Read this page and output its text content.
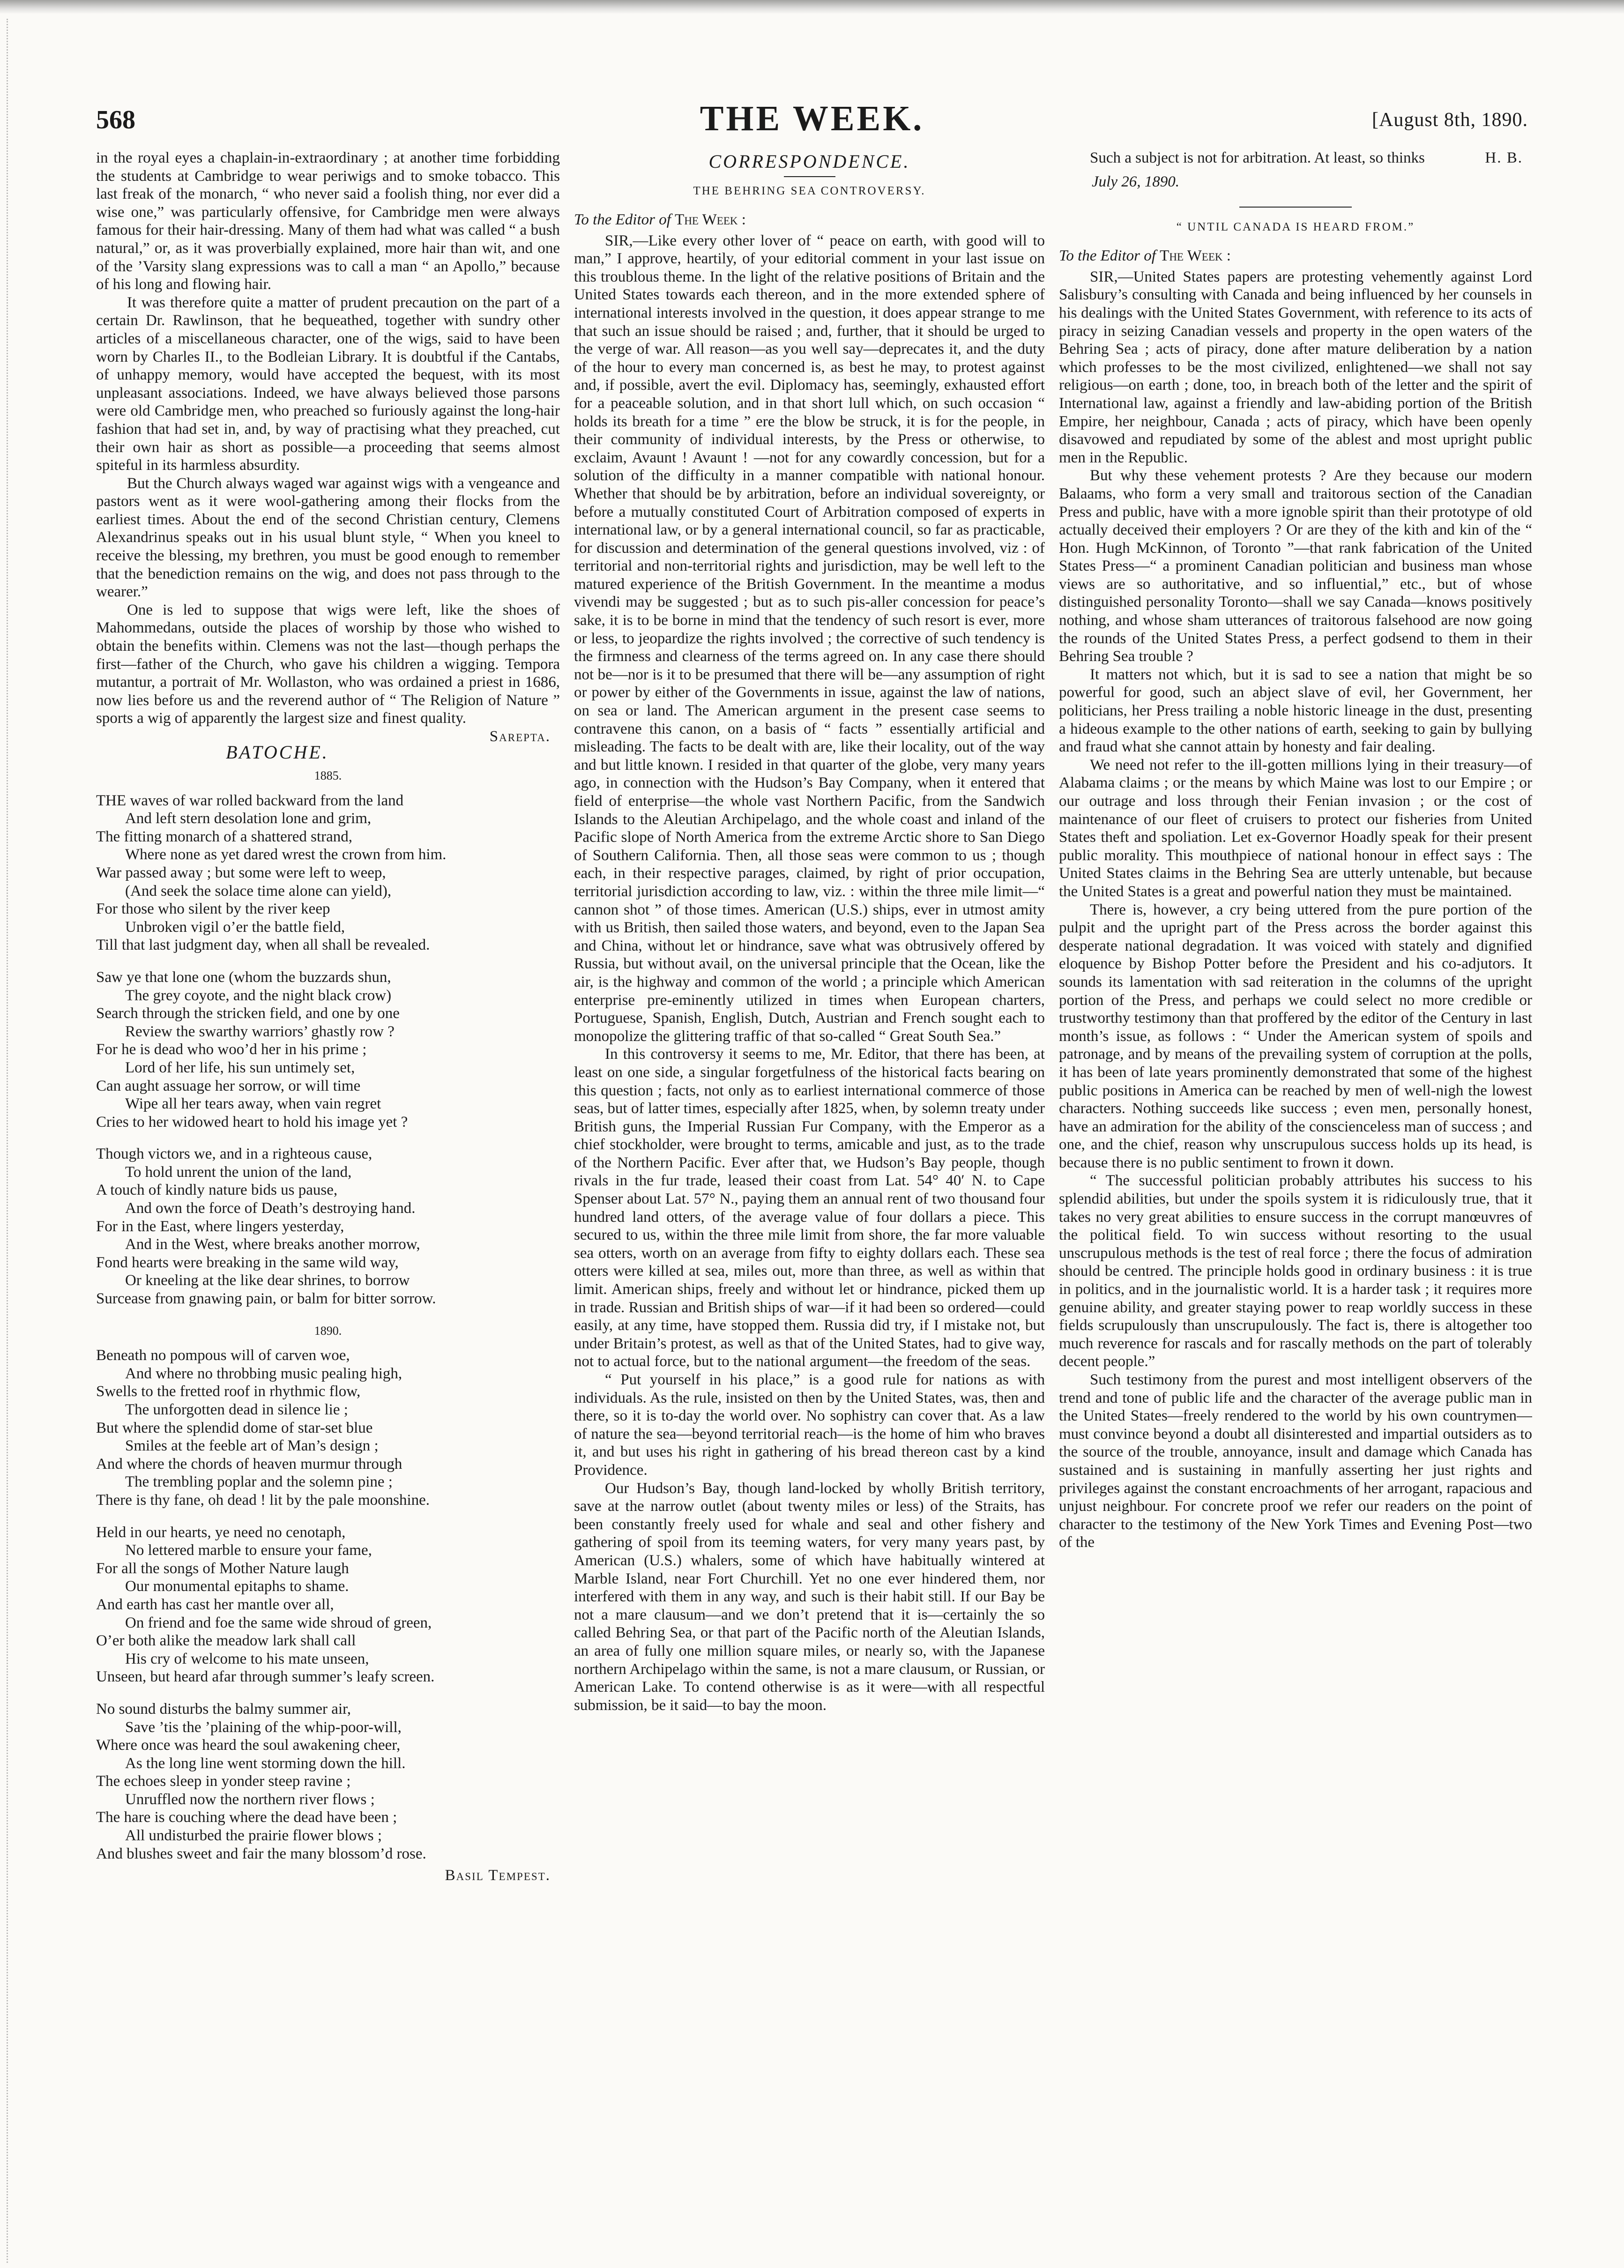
568	THE WEEK.	[August 8th, 1890.

in the royal eyes a chaplain-in-extraordinary ; at another time forbidding the students at Cambridge to wear periwigs and to smoke tobacco. This last freak of the monarch, “ who never said a foolish thing, nor ever did a wise one,” was particularly offensive, for Cambridge men were always famous for their hair-dressing. Many of them had what was called “ a bush natural,” or, as it was proverbially explained, more hair than wit, and one of the ’Varsity slang expressions was to call a man “ an Apollo,” because of his long and flowing hair.

It was therefore quite a matter of prudent precaution on the part of a certain Dr. Rawlinson, that he bequeathed, together with sundry other articles of a miscellaneous character, one of the wigs, said to have been worn by Charles II., to the Bodleian Library. It is doubtful if the Cantabs, of unhappy memory, would have accepted the bequest, with its most unpleasant associations. Indeed, we have always believed those parsons were old Cambridge men, who preached so furiously against the long-hair fashion that had set in, and, by way of practising what they preached, cut their own hair as short as possible—a proceeding that seems almost spiteful in its harmless absurdity.

But the Church always waged war against wigs with a vengeance and pastors went as it were wool-gathering among their flocks from the earliest times. About the end of the second Christian century, Clemens Alexandrinus speaks out in his usual blunt style, “ When you kneel to receive the blessing, my brethren, you must be good enough to remember that the benediction remains on the wig, and does not pass through to the wearer.”

One is led to suppose that wigs were left, like the shoes of Mahommedans, outside the places of worship by those who wished to obtain the benefits within. Clemens was not the last—though perhaps the first—father of the Church, who gave his children a wigging. Tempora mutantur, a portrait of Mr. Wollaston, who was ordained a priest in 1686, now lies before us and the reverend author of “ The Religion of Nature ” sports a wig of apparently the largest size and finest quality.
Sarepta.

BATOCHE.
1885.
THE waves of war rolled backward from the land
And left stern desolation lone and grim,
The fitting monarch of a shattered strand,
Where none as yet dared wrest the crown from him.
War passed away ; but some were left to weep,
(And seek the solace time alone can yield),
For those who silent by the river keep
Unbroken vigil o’er the battle field,
Till that last judgment day, when all shall be revealed.
Saw ye that lone one (whom the buzzards shun,
The grey coyote, and the night black crow)
Search through the stricken field, and one by one
Review the swarthy warriors’ ghastly row ?
For he is dead who woo’d her in his prime ;
Lord of her life, his sun untimely set,
Can aught assuage her sorrow, or will time
Wipe all her tears away, when vain regret
Cries to her widowed heart to hold his image yet ?
Though victors we, and in a righteous cause,
To hold unrent the union of the land,
A touch of kindly nature bids us pause,
And own the force of Death’s destroying hand.
For in the East, where lingers yesterday,
And in the West, where breaks another morrow,
Fond hearts were breaking in the same wild way,
Or kneeling at the like dear shrines, to borrow
Surcease from gnawing pain, or balm for bitter sorrow.
1890.
Beneath no pompous will of carven woe,
And where no throbbing music pealing high,
Swells to the fretted roof in rhythmic flow,
The unforgotten dead in silence lie ;
But where the splendid dome of star-set blue
Smiles at the feeble art of Man’s design ;
And where the chords of heaven murmur through
The trembling poplar and the solemn pine ;
There is thy fane, oh dead ! lit by the pale moonshine.
Held in our hearts, ye need no cenotaph,
No lettered marble to ensure your fame,
For all the songs of Mother Nature laugh
Our monumental epitaphs to shame.
And earth has cast her mantle over all,
On friend and foe the same wide shroud of green,
O’er both alike the meadow lark shall call
His cry of welcome to his mate unseen,
Unseen, but heard afar through summer’s leafy screen.
No sound disturbs the balmy summer air,
Save ’tis the ’plaining of the whip-poor-will,
Where once was heard the soul awakening cheer,
As the long line went storming down the hill.
The echoes sleep in yonder steep ravine ;
Unruffled now the northern river flows ;
The hare is couching where the dead have been ;
All undisturbed the prairie flower blows ;
And blushes sweet and fair the many blossom’d rose.
Basil Tempest.
CORRESPONDENCE.
THE BEHRING SEA CONTROVERSY.
To the Editor of The Week :

SIR,—Like every other lover of “ peace on earth, with good will to man,” I approve, heartily, of your editorial comment in your last issue on this troublous theme. In the light of the relative positions of Britain and the United States towards each thereon, and in the more extended sphere of international interests involved in the question, it does appear strange to me that such an issue should be raised ; and, further, that it should be urged to the verge of war. All reason—as you well say—deprecates it, and the duty of the hour to every man concerned is, as best he may, to protest against and, if possible, avert the evil. Diplomacy has, seemingly, exhausted effort for a peaceable solution, and in that short lull which, on such occasion “ holds its breath for a time ” ere the blow be struck, it is for the people, in their community of individual interests, by the Press or otherwise, to exclaim, Avaunt ! Avaunt ! —not for any cowardly concession, but for a solution of the difficulty in a manner compatible with national honour. Whether that should be by arbitration, before an individual sovereignty, or before a mutually constituted Court of Arbitration composed of experts in international law, or by a general international council, so far as practicable, for discussion and determination of the general questions involved, viz : of territorial and non-territorial rights and jurisdiction, may be well left to the matured experience of the British Government. In the meantime a modus vivendi may be suggested ; but as to such pis-aller concession for peace’s sake, it is to be borne in mind that the tendency of such resort is ever, more or less, to jeopardize the rights involved ; the corrective of such tendency is the firmness and clearness of the terms agreed on. In any case there should not be—nor is it to be presumed that there will be—any assumption of right or power by either of the Governments in issue, against the law of nations, on sea or land. The American argument in the present case seems to contravene this canon, on a basis of “ facts ” essentially artificial and misleading. The facts to be dealt with are, like their locality, out of the way and but little known. I resided in that quarter of the globe, very many years ago, in connection with the Hudson’s Bay Company, when it entered that field of enterprise—the whole vast Northern Pacific, from the Sandwich Islands to the Aleutian Archipelago, and the whole coast and inland of the Pacific slope of North America from the extreme Arctic shore to San Diego of Southern California. Then, all those seas were common to us ; though each, in their respective parages, claimed, by right of prior occupation, territorial jurisdiction according to law, viz. : within the three mile limit—“ cannon shot ” of those times. American (U.S.) ships, ever in utmost amity with us British, then sailed those waters, and beyond, even to the Japan Sea and China, without let or hindrance, save what was obtrusively offered by Russia, but without avail, on the universal principle that the Ocean, like the air, is the highway and common of the world ; a principle which American enterprise pre-eminently utilized in times when European charters, Portuguese, Spanish, English, Dutch, Austrian and French sought each to monopolize the glittering traffic of that so-called “ Great South Sea.”

In this controversy it seems to me, Mr. Editor, that there has been, at least on one side, a singular forgetfulness of the historical facts bearing on this question ; facts, not only as to earliest international commerce of those seas, but of latter times, especially after 1825, when, by solemn treaty under British guns, the Imperial Russian Fur Company, with the Emperor as a chief stockholder, were brought to terms, amicable and just, as to the trade of the Northern Pacific. Ever after that, we Hudson’s Bay people, though rivals in the fur trade, leased their coast from Lat. 54° 40′ N. to Cape Spenser about Lat. 57° N., paying them an annual rent of two thousand four hundred land otters, of the average value of four dollars a piece. This secured to us, within the three mile limit from shore, the far more valuable sea otters, worth on an average from fifty to eighty dollars each. These sea otters were killed at sea, miles out, more than three, as well as within that limit. American ships, freely and without let or hindrance, picked them up in trade. Russian and British ships of war—if it had been so ordered—could easily, at any time, have stopped them. Russia did try, if I mistake not, but under Britain’s protest, as well as that of the United States, had to give way, not to actual force, but to the national argument—the freedom of the seas.

“ Put yourself in his place,” is a good rule for nations as with individuals. As the rule, insisted on then by the United States, was, then and there, so it is to-day the world over. No sophistry can cover that. As a law of nature the sea—beyond territorial reach—is the home of him who braves it, and but uses his right in gathering of his bread thereon cast by a kind Providence.

Our Hudson’s Bay, though land-locked by wholly British territory, save at the narrow outlet (about twenty miles or less) of the Straits, has been constantly freely used for whale and seal and other fishery and gathering of spoil from its teeming waters, for very many years past, by American (U.S.) whalers, some of which have habitually wintered at Marble Island, near Fort Churchill. Yet no one ever hindered them, nor interfered with them in any way, and such is their habit still. If our Bay be not a mare clausum—and we don’t pretend that it is—certainly the so called Behring Sea, or that part of the Pacific north of the Aleutian Islands, an area of fully one million square miles, or nearly so, with the Japanese northern Archipelago within the same, is not a mare clausum, or Russian, or American Lake. To contend otherwise is as it were—with all respectful submission, be it said—to bay the moon.

Such a subject is not for arbitration. At least, so thinks	H. B.

July 26, 1890.
“ UNTIL CANADA IS HEARD FROM.”
To the Editor of The Week :

SIR,—United States papers are protesting vehemently against Lord Salisbury’s consulting with Canada and being influenced by her counsels in his dealings with the United States Government, with reference to its acts of piracy in seizing Canadian vessels and property in the open waters of the Behring Sea ; acts of piracy, done after mature deliberation by a nation which professes to be the most civilized, enlightened—we shall not say religious—on earth ; done, too, in breach both of the letter and the spirit of International law, against a friendly and law-abiding portion of the British Empire, her neighbour, Canada ; acts of piracy, which have been openly disavowed and repudiated by some of the ablest and most upright public men in the Republic.

But why these vehement protests ? Are they because our modern Balaams, who form a very small and traitorous section of the Canadian Press and public, have with a more ignoble spirit than their prototype of old actually deceived their employers ? Or are they of the kith and kin of the “ Hon. Hugh McKinnon, of Toronto ”—that rank fabrication of the United States Press—“ a prominent Canadian politician and business man whose views are so authoritative, and so influential,” etc., but of whose distinguished personality Toronto—shall we say Canada—knows positively nothing, and whose sham utterances of traitorous falsehood are now going the rounds of the United States Press, a perfect godsend to them in their Behring Sea trouble ?

It matters not which, but it is sad to see a nation that might be so powerful for good, such an abject slave of evil, her Government, her politicians, her Press trailing a noble historic lineage in the dust, presenting a hideous example to the other nations of earth, seeking to gain by bullying and fraud what she cannot attain by honesty and fair dealing.

We need not refer to the ill-gotten millions lying in their treasury—of Alabama claims ; or the means by which Maine was lost to our Empire ; or our outrage and loss through their Fenian invasion ; or the cost of maintenance of our fleet of cruisers to protect our fisheries from United States theft and spoliation. Let ex-Governor Hoadly speak for their present public morality. This mouthpiece of national honour in effect says : The United States claims in the Behring Sea are utterly untenable, but because the United States is a great and powerful nation they must be maintained.

There is, however, a cry being uttered from the pure portion of the pulpit and the upright part of the Press across the border against this desperate national degradation. It was voiced with stately and dignified eloquence by Bishop Potter before the President and his co-adjutors. It sounds its lamentation with sad reiteration in the columns of the upright portion of the Press, and perhaps we could select no more credible or trustworthy testimony than that proffered by the editor of the Century in last month’s issue, as follows : “ Under the American system of spoils and patronage, and by means of the prevailing system of corruption at the polls, it has been of late years prominently demonstrated that some of the highest public positions in America can be reached by men of well-nigh the lowest characters. Nothing succeeds like success ; even men, personally honest, have an admiration for the ability of the conscienceless man of success ; and one, and the chief, reason why unscrupulous success holds up its head, is because there is no public sentiment to frown it down.

“ The successful politician probably attributes his success to his splendid abilities, but under the spoils system it is ridiculously true, that it takes no very great abilities to ensure success in the corrupt manœuvres of the political field. To win success without resorting to the usual unscrupulous methods is the test of real force ; there the focus of admiration should be centred. The principle holds good in ordinary business : it is true in politics, and in the journalistic world. It is a harder task ; it requires more genuine ability, and greater staying power to reap worldly success in these fields scrupulously than unscrupulously. The fact is, there is altogether too much reverence for rascals and for rascally methods on the part of tolerably decent people.”

Such testimony from the purest and most intelligent observers of the trend and tone of public life and the character of the average public man in the United States—freely rendered to the world by his own countrymen—must convince beyond a doubt all disinterested and impartial outsiders as to the source of the trouble, annoyance, insult and damage which Canada has sustained and is sustaining in manfully asserting her just rights and privileges against the constant encroachments of her arrogant, rapacious and unjust neighbour. For concrete proof we refer our readers on the point of character to the testimony of the New York Times and Evening Post—two of the
